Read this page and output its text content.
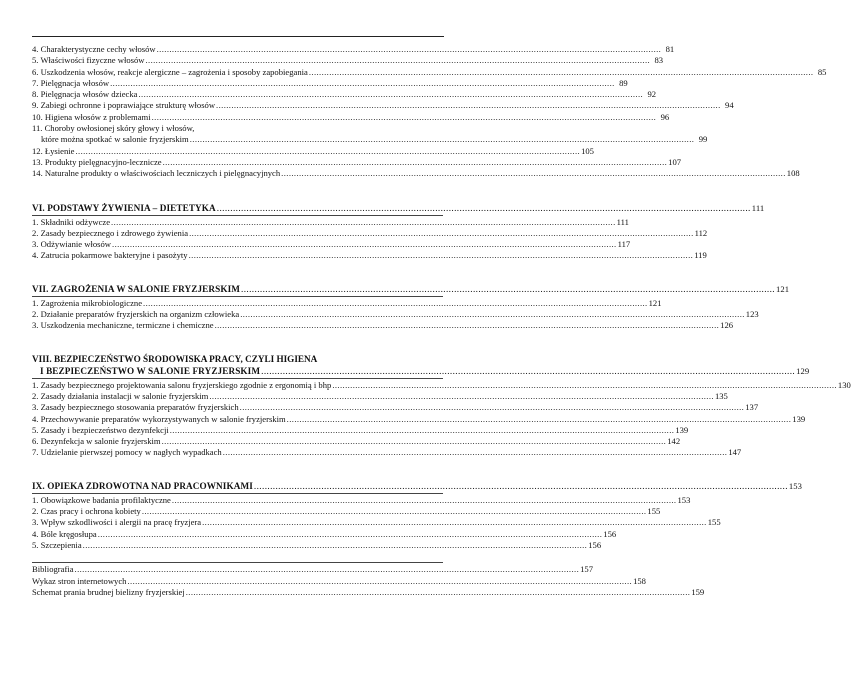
4. Charakterystyczne cechy włosów .....	81
5. Właściwości fizyczne włosów .....	83
6. Uszkodzenia włosów, reakcje alergiczne – zagrożenia i sposoby zapobiegania .....	85
7. Pielęgnacja włosów .....	89
8. Pielęgnacja włosów dziecka .....	92
9. Zabiegi ochronne i poprawiające strukturę włosów .....	94
10. Higiena włosów z problemami .....	96
11. Choroby owłosionej skóry głowy i włosów,
które można spotkać w salonie fryzjerskim .....	99
12. Łysienie .....	105
13. Produkty pielęgnacyjno-lecznicze .....	107
14. Naturalne produkty o właściwościach leczniczych i pielęgnacyjnych .....	108
VI. PODSTAWY ŻYWIENIA – DIETETYKA .....	111
1. Składniki odżywcze .....	111
2. Zasady bezpiecznego i zdrowego żywienia .....	112
3. Odżywianie włosów .....	117
4. Zatrucia pokarmowe bakteryjne i pasożyty .....	119
VII. ZAGROŻENIA W SALONIE FRYZJERSKIM .....	121
1. Zagrożenia mikrobiologiczne .....	121
2. Działanie preparatów fryzjerskich na organizm człowieka .....	123
3. Uszkodzenia mechaniczne, termiczne i chemiczne .....	126
VIII. BEZPIECZEŃSTWO ŚRODOWISKA PRACY, CZYLI HIGIENA
I BEZPIECZEŃSTWO W SALONIE FRYZJERSKIM .....	129
1. Zasady bezpiecznego projektowania salonu fryzjerskiego zgodnie z ergonomią i bhp .....	130
2. Zasady działania instalacji w salonie fryzjerskim .....	135
3. Zasady bezpiecznego stosowania preparatów fryzjerskich .....	137
4. Przechowywanie preparatów wykorzystywanych w salonie fryzjerskim .....	139
5. Zasady i bezpieczeństwo dezynfekcji .....	139
6. Dezynfekcja w salonie fryzjerskim .....	142
7. Udzielanie pierwszej pomocy w nagłych wypadkach .....	147
IX. OPIEKA ZDROWOTNA NAD PRACOWNIKAMI .....	153
1. Obowiązkowe badania profilaktyczne .....	153
2. Czas pracy i ochrona kobiety .....	155
3. Wpływ szkodliwości i alergii na pracę fryzjera .....	155
4. Bóle kręgosłupa .....	156
5. Szczepienia .....	156
Bibliografia .....	157
Wykaz stron internetowych .....	158
Schemat prania brudnej bielizny fryzjerskiej .....	159
